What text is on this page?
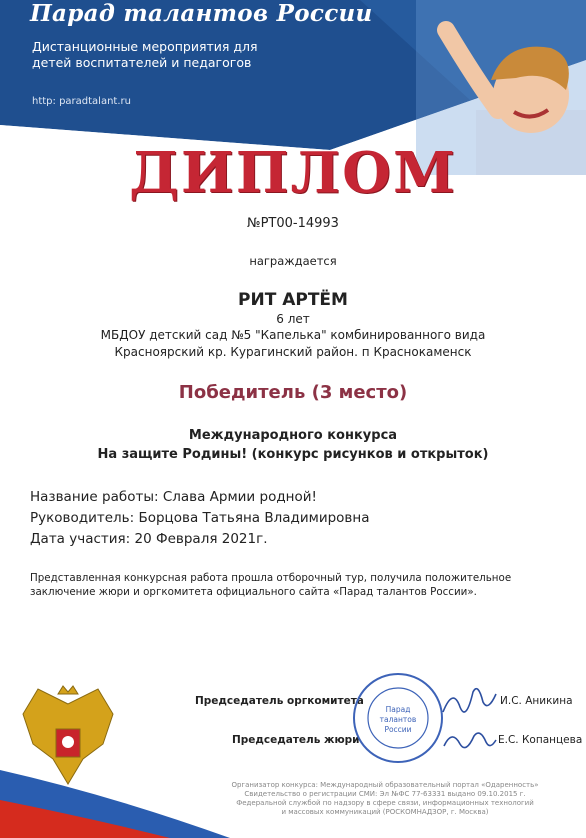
Парад талантов России
Дистанционные мероприятия для детей воспитателей и педагогов
http: paradtalant.ru
ДИПЛОМ
№РТ00-14993
награждается
РИТ АРТЁМ
6 лет
МБДОУ детский сад №5 "Капелька" комбинированного вида
Красноярский кр. Курагинский район. п Краснокаменск
Победитель (3 место)
Международного конкурса
На защите Родины! (конкурс рисунков и открыток)
Название работы: Слава Армии родной!
Руководитель: Борцова Татьяна Владимировна
Дата участия: 20 Февраля 2021г.
Представленная конкурсная работа прошла отборочный тур, получила положительное заключение жюри и оргкомитета официального сайта «Парад талантов России».
Председатель оргкомитета	И.С. Аникина
Председатель жюри	Е.С. Копанцева
Парад
талантов
России
Организатор конкурса: Международный образовательный портал «Одаренность»
Свидетельство о регистрации СМИ: Эл №ФС 77-63331 выдано 09.10.2015 г.
Федеральной службой по надзору в сфере связи, информационных технологий
и массовых коммуникаций (РОСКОМНАДЗОР, г. Москва)
